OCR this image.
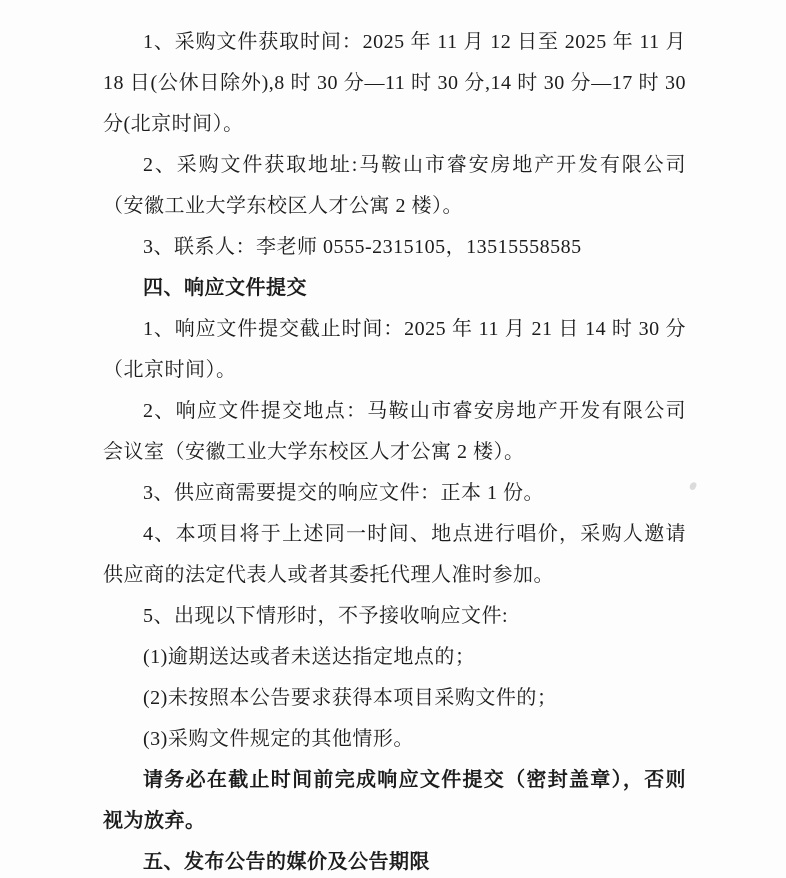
1、采购文件获取时间：2025 年 11 月 12 日至 2025 年 11 月 18 日(公休日除外),8 时 30 分—11 时 30 分,14 时 30 分—17 时 30 分(北京时间）。

2、采购文件获取地址:马鞍山市睿安房地产开发有限公司（安徽工业大学东校区人才公寓 2 楼）。

3、联系人：李老师 0555-2315105，13515558585

四、响应文件提交

1、响应文件提交截止时间：2025 年 11 月 21 日 14 时 30 分（北京时间）。

2、响应文件提交地点：马鞍山市睿安房地产开发有限公司会议室（安徽工业大学东校区人才公寓 2 楼）。

3、供应商需要提交的响应文件：正本 1 份。

4、本项目将于上述同一时间、地点进行唱价，采购人邀请供应商的法定代表人或者其委托代理人准时参加。

5、出现以下情形时，不予接收响应文件:

(1)逾期送达或者未送达指定地点的；

(2)未按照本公告要求获得本项目采购文件的；

(3)采购文件规定的其他情形。

请务必在截止时间前完成响应文件提交（密封盖章），否则视为放弃。

五、发布公告的媒价及公告期限
